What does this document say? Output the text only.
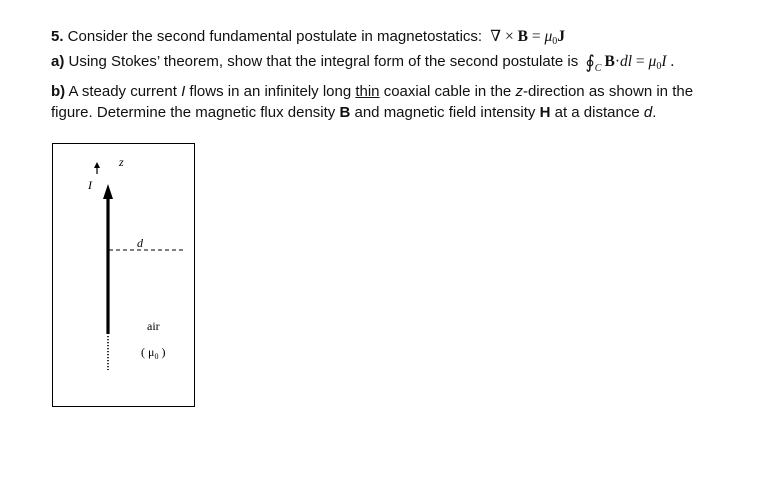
5. Consider the second fundamental postulate in magnetostatics: ∇ × $B = \mu_0J$
a) Using Stokes’ theorem, show that the integral form of the second postulate is $∮_C$ $B\cdot dl = \mu_0I$ .
b) A steady current I flows in an infinitely long thin coaxial cable in the z-direction as shown in the
figure. Determine the magnetic flux density B and magnetic field intensity H at a distance d.
z
I
d
air
( $\mu_0$ )
